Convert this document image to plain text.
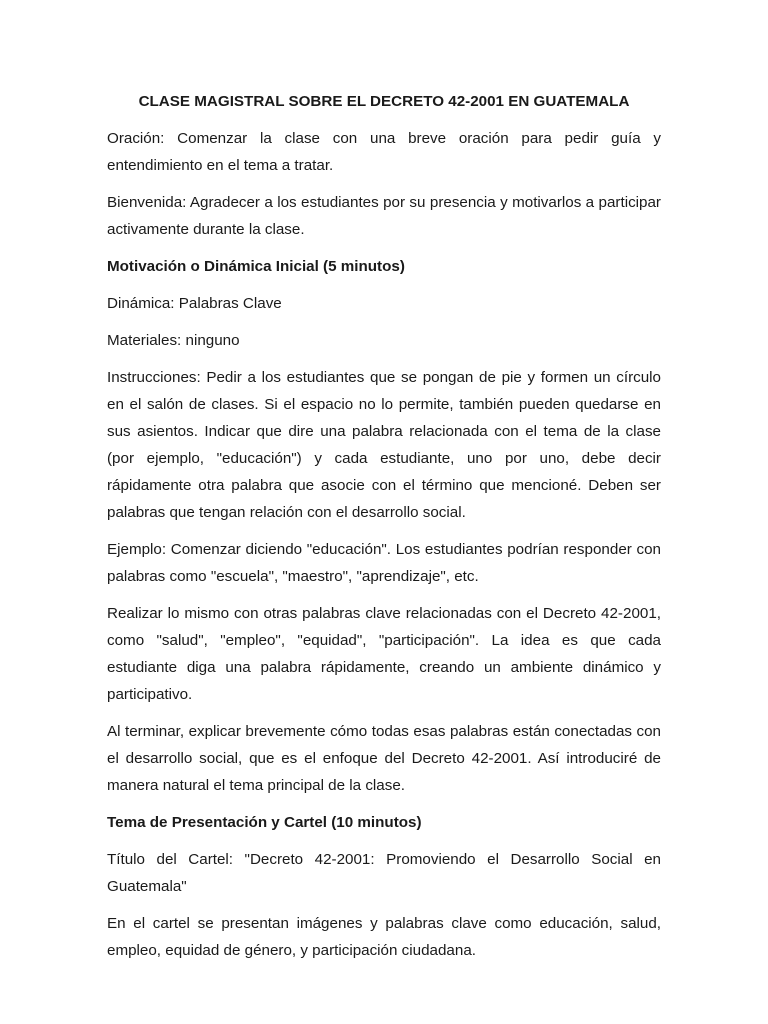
CLASE MAGISTRAL SOBRE EL DECRETO 42-2001 EN GUATEMALA

Oración: Comenzar la clase con una breve oración para pedir guía y entendimiento en el tema a tratar.

Bienvenida: Agradecer a los estudiantes por su presencia y motivarlos a participar activamente durante la clase.

Motivación o Dinámica Inicial (5 minutos)

Dinámica: Palabras Clave

Materiales: ninguno

Instrucciones: Pedir a los estudiantes que se pongan de pie y formen un círculo en el salón de clases. Si el espacio no lo permite, también pueden quedarse en sus asientos. Indicar que dire una palabra relacionada con el tema de la clase (por ejemplo, "educación") y cada estudiante, uno por uno, debe decir rápidamente otra palabra que asocie con el término que mencioné. Deben ser palabras que tengan relación con el desarrollo social.

Ejemplo: Comenzar diciendo "educación". Los estudiantes podrían responder con palabras como "escuela", "maestro", "aprendizaje", etc.

Realizar lo mismo con otras palabras clave relacionadas con el Decreto 42-2001, como "salud", "empleo", "equidad", "participación". La idea es que cada estudiante diga una palabra rápidamente, creando un ambiente dinámico y participativo.

Al terminar, explicar brevemente cómo todas esas palabras están conectadas con el desarrollo social, que es el enfoque del Decreto 42-2001. Así introduciré de manera natural el tema principal de la clase.

Tema de Presentación y Cartel (10 minutos)

Título del Cartel: "Decreto 42-2001: Promoviendo el Desarrollo Social en Guatemala"

En el cartel se presentan imágenes y palabras clave como educación, salud, empleo, equidad de género, y participación ciudadana.
